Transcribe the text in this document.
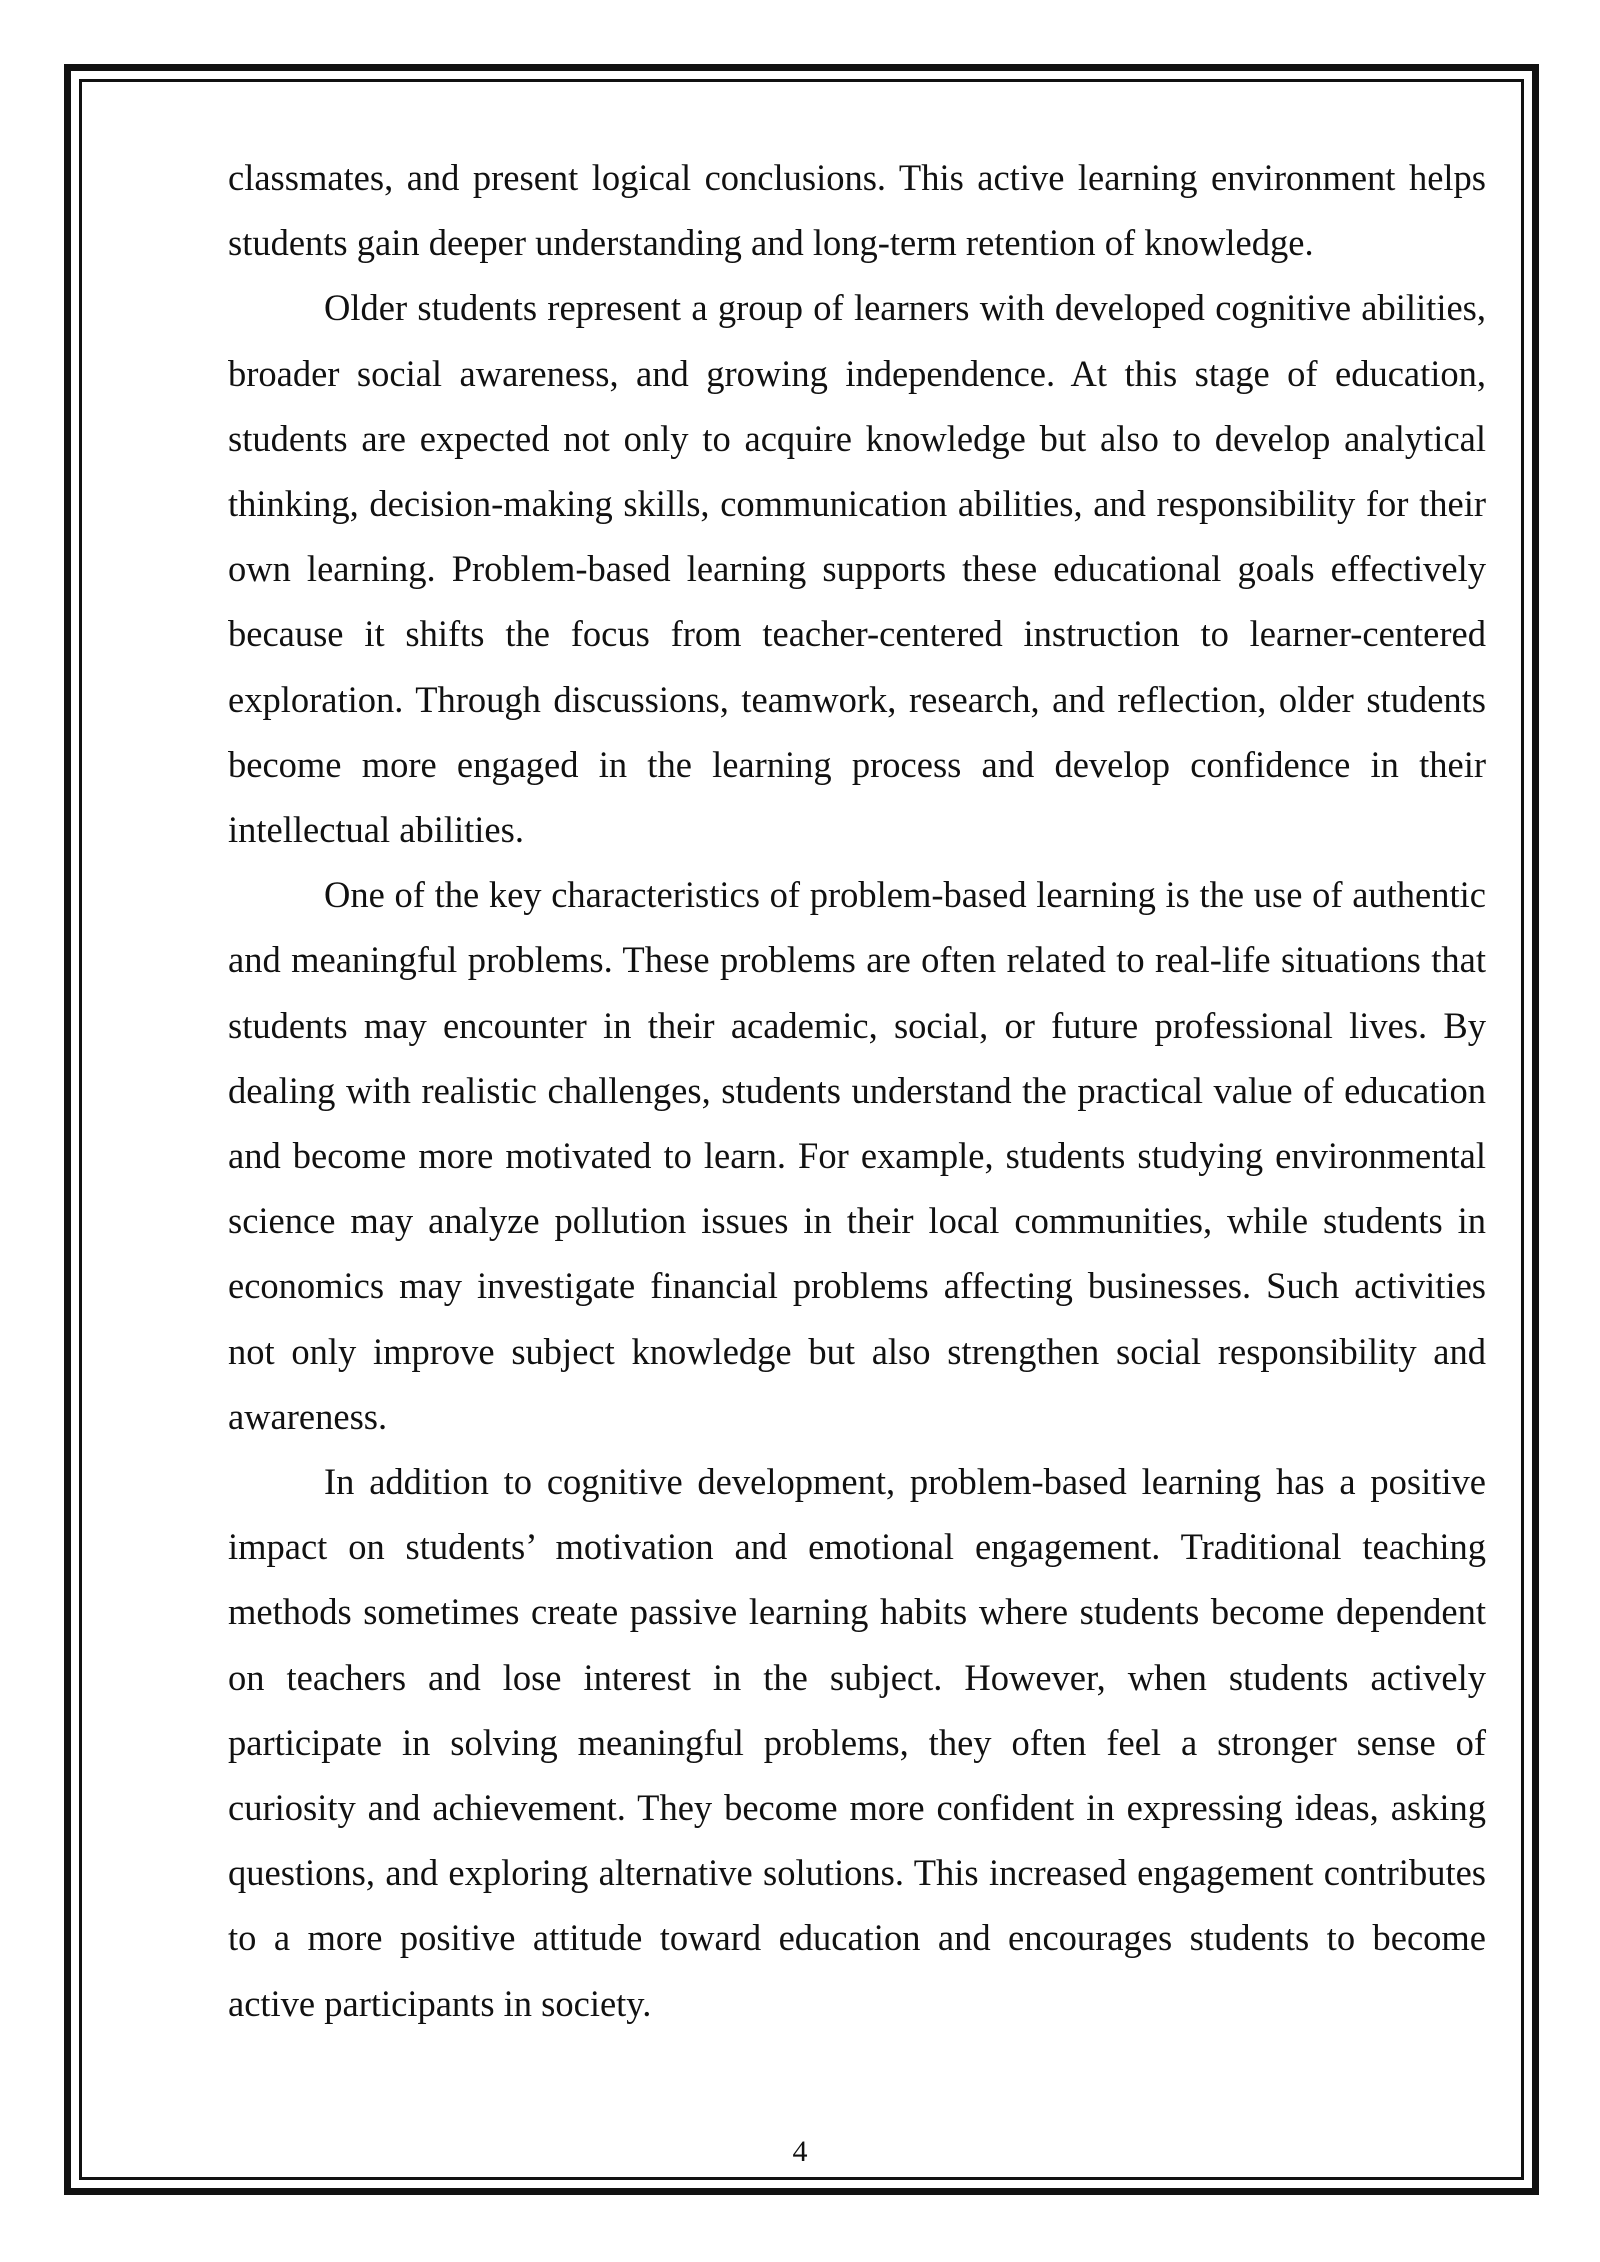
classmates, and present logical conclusions. This active learning environment helps students gain deeper understanding and long-term retention of knowledge.

Older students represent a group of learners with developed cognitive abilities, broader social awareness, and growing independence. At this stage of education, students are expected not only to acquire knowledge but also to develop analytical thinking, decision-making skills, communication abilities, and responsibility for their own learning. Problem-based learning supports these educational goals effectively because it shifts the focus from teacher-centered instruction to learner-centered exploration. Through discussions, teamwork, research, and reflection, older students become more engaged in the learning process and develop confidence in their intellectual abilities.

One of the key characteristics of problem-based learning is the use of authentic and meaningful problems. These problems are often related to real-life situations that students may encounter in their academic, social, or future professional lives. By dealing with realistic challenges, students understand the practical value of education and become more motivated to learn. For example, students studying environmental science may analyze pollution issues in their local communities, while students in economics may investigate financial problems affecting businesses. Such activities not only improve subject knowledge but also strengthen social responsibility and awareness.

In addition to cognitive development, problem-based learning has a positive impact on students’ motivation and emotional engagement. Traditional teaching methods sometimes create passive learning habits where students become dependent on teachers and lose interest in the subject. However, when students actively participate in solving meaningful problems, they often feel a stronger sense of curiosity and achievement. They become more confident in expressing ideas, asking questions, and exploring alternative solutions. This increased engagement contributes to a more positive attitude toward education and encourages students to become active participants in society.

4
